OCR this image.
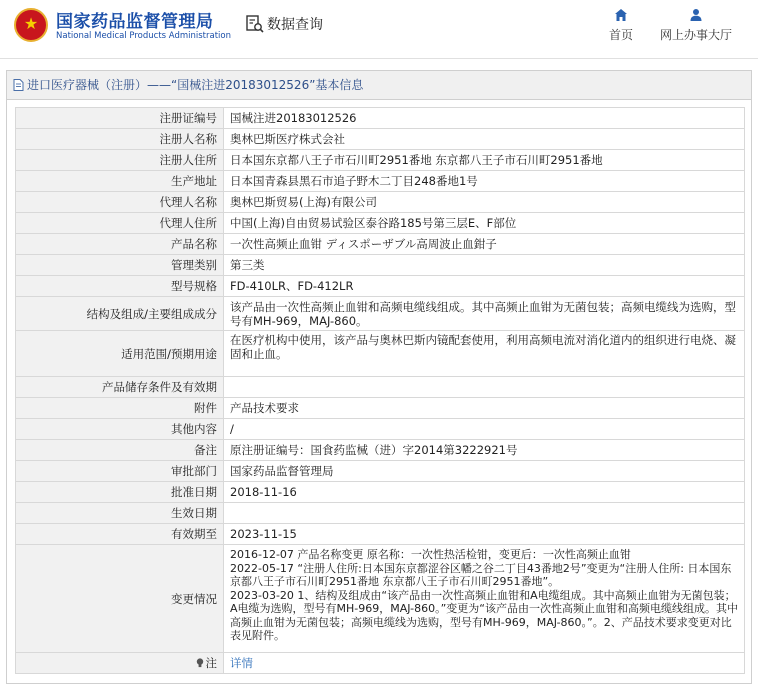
★
国家药品监督管理局
National Medical Products Administration
数据查询
首页	网上办事大厅
进口医疗器械（注册）——“国械注进20183012526”基本信息
注册证编号	国械注进20183012526
注册人名称	奥林巴斯医疗株式会社
注册人住所	日本国东京都八王子市石川町2951番地 东京都八王子市石川町2951番地
生产地址	日本国青森县黑石市追子野木二丁目248番地1号
代理人名称	奥林巴斯贸易(上海)有限公司
代理人住所	中国(上海)自由贸易试验区泰谷路185号第三层E、F部位
产品名称	一次性高频止血钳 ディスポーザブル高周波止血鉗子
管理类别	第三类
型号规格	FD-410LR、FD-412LR
结构及组成/主要组成成分	该产品由一次性高频止血钳和高频电缆线组成。其中高频止血钳为无菌包装；高频电缆线为选购，型号有MH-969，MAJ-860。
适用范围/预期用途	在医疗机构中使用，该产品与奥林巴斯内镜配套使用，利用高频电流对消化道内的组织进行电烧、凝固和止血。
产品储存条件及有效期	
附件	产品技术要求
其他内容	/
备注	原注册证编号：国食药监械（进）字2014第3222921号
审批部门	国家药品监督管理局
批准日期	2018-11-16
生效日期	
有效期至	2023-11-15
变更情况	2016-12-07 产品名称变更 原名称：一次性热活检钳，变更后：一次性高频止血钳
2022-05-17 “注册人住所:日本国东京都涩谷区幡之谷二丁目43番地2号”变更为“注册人住所: 日本国东京都八王子市石川町2951番地 东京都八王子市石川町2951番地”。
2023-03-20 1、结构及组成由“该产品由一次性高频止血钳和A电缆组成。其中高频止血钳为无菌包装；A电缆为选购，型号有MH-969，MAJ-860。”变更为“该产品由一次性高频止血钳和高频电缆线组成。其中高频止血钳为无菌包装；高频电缆线为选购，型号有MH-969，MAJ-860。”。2、产品技术要求变更对比表见附件。

注	详情
